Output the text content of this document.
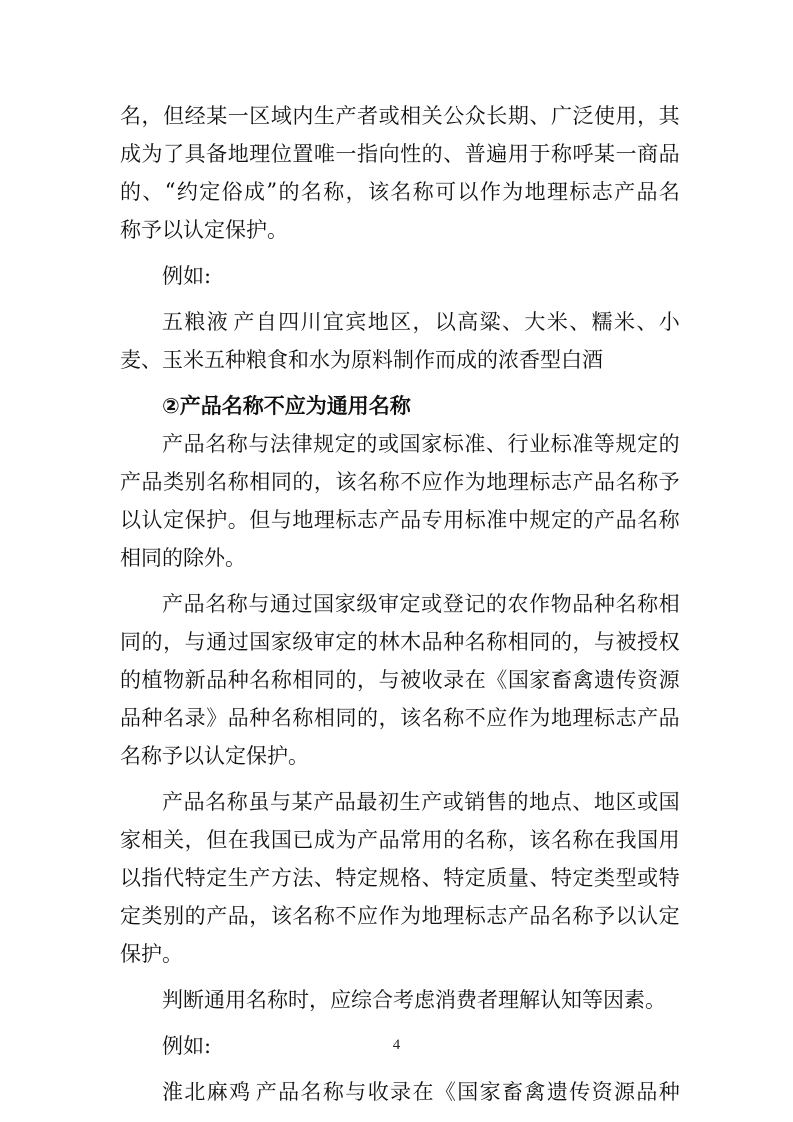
名 ， 但 经 某 一 区 域 内 生 产 者 或 相 关 公 众 长 期 、 广 泛 使 用 ， 其
成 为 了 具 备 地 理 位 置 唯 一 指 向 性 的 、 普 遍 用 于 称 呼 某 一 商 品
的 、 “ 约 定 俗 成 ” 的 名 称 ， 该 名 称 可 以 作 为 地 理 标 志 产 品 名
称予以认定保护。
例如:
五 粮 液 产 自 四 川 宜 宾 地 区 ， 以 高 粱 、 大 米 、 糯 米 、 小
麦、玉米五种粮食和水为原料制作而成的浓香型白酒
②产品名称不应为通用名称
产 品 名 称 与 法 律 规 定 的 或 国 家 标 准 、 行 业 标 准 等 规 定 的
产 品 类 别 名 称 相 同 的 ， 该 名 称 不 应 作 为 地 理 标 志 产 品 名 称 予
以 认 定 保 护 。 但 与 地 理 标 志 产 品 专 用 标 准 中 规 定 的 产 品 名 称
相同的除外。
产 品 名 称 与 通 过 国 家 级 审 定 或 登 记 的 农 作 物 品 种 名 称 相
同 的 ， 与 通 过 国 家 级 审 定 的 林 木 品 种 名 称 相 同 的 ， 与 被 授 权
的 植 物 新 品 种 名 称 相 同 的 ， 与 被 收 录 在 《 国 家 畜 禽 遗 传 资 源
品 种 名 录 》 品 种 名 称 相 同 的 ， 该 名 称 不 应 作 为 地 理 标 志 产 品
名称予以认定保护。
产 品 名 称 虽 与 某 产 品 最 初 生 产 或 销 售 的 地 点 、 地 区 或 国
家 相 关 ， 但 在 我 国 已 成 为 产 品 常 用 的 名 称 ， 该 名 称 在 我 国 用
以 指 代 特 定 生 产 方 法 、 特 定 规 格 、 特 定 质 量 、 特 定 类 型 或 特
定 类 别 的 产 品 ， 该 名 称 不 应 作 为 地 理 标 志 产 品 名 称 予 以 认 定
保护。
判断通用名称时，应综合考虑消费者理解认知等因素。
例如:
淮 北 麻 鸡 产 品 名 称 与 收 录 在 《 国 家 畜 禽 遗 传 资 源 品 种
4
